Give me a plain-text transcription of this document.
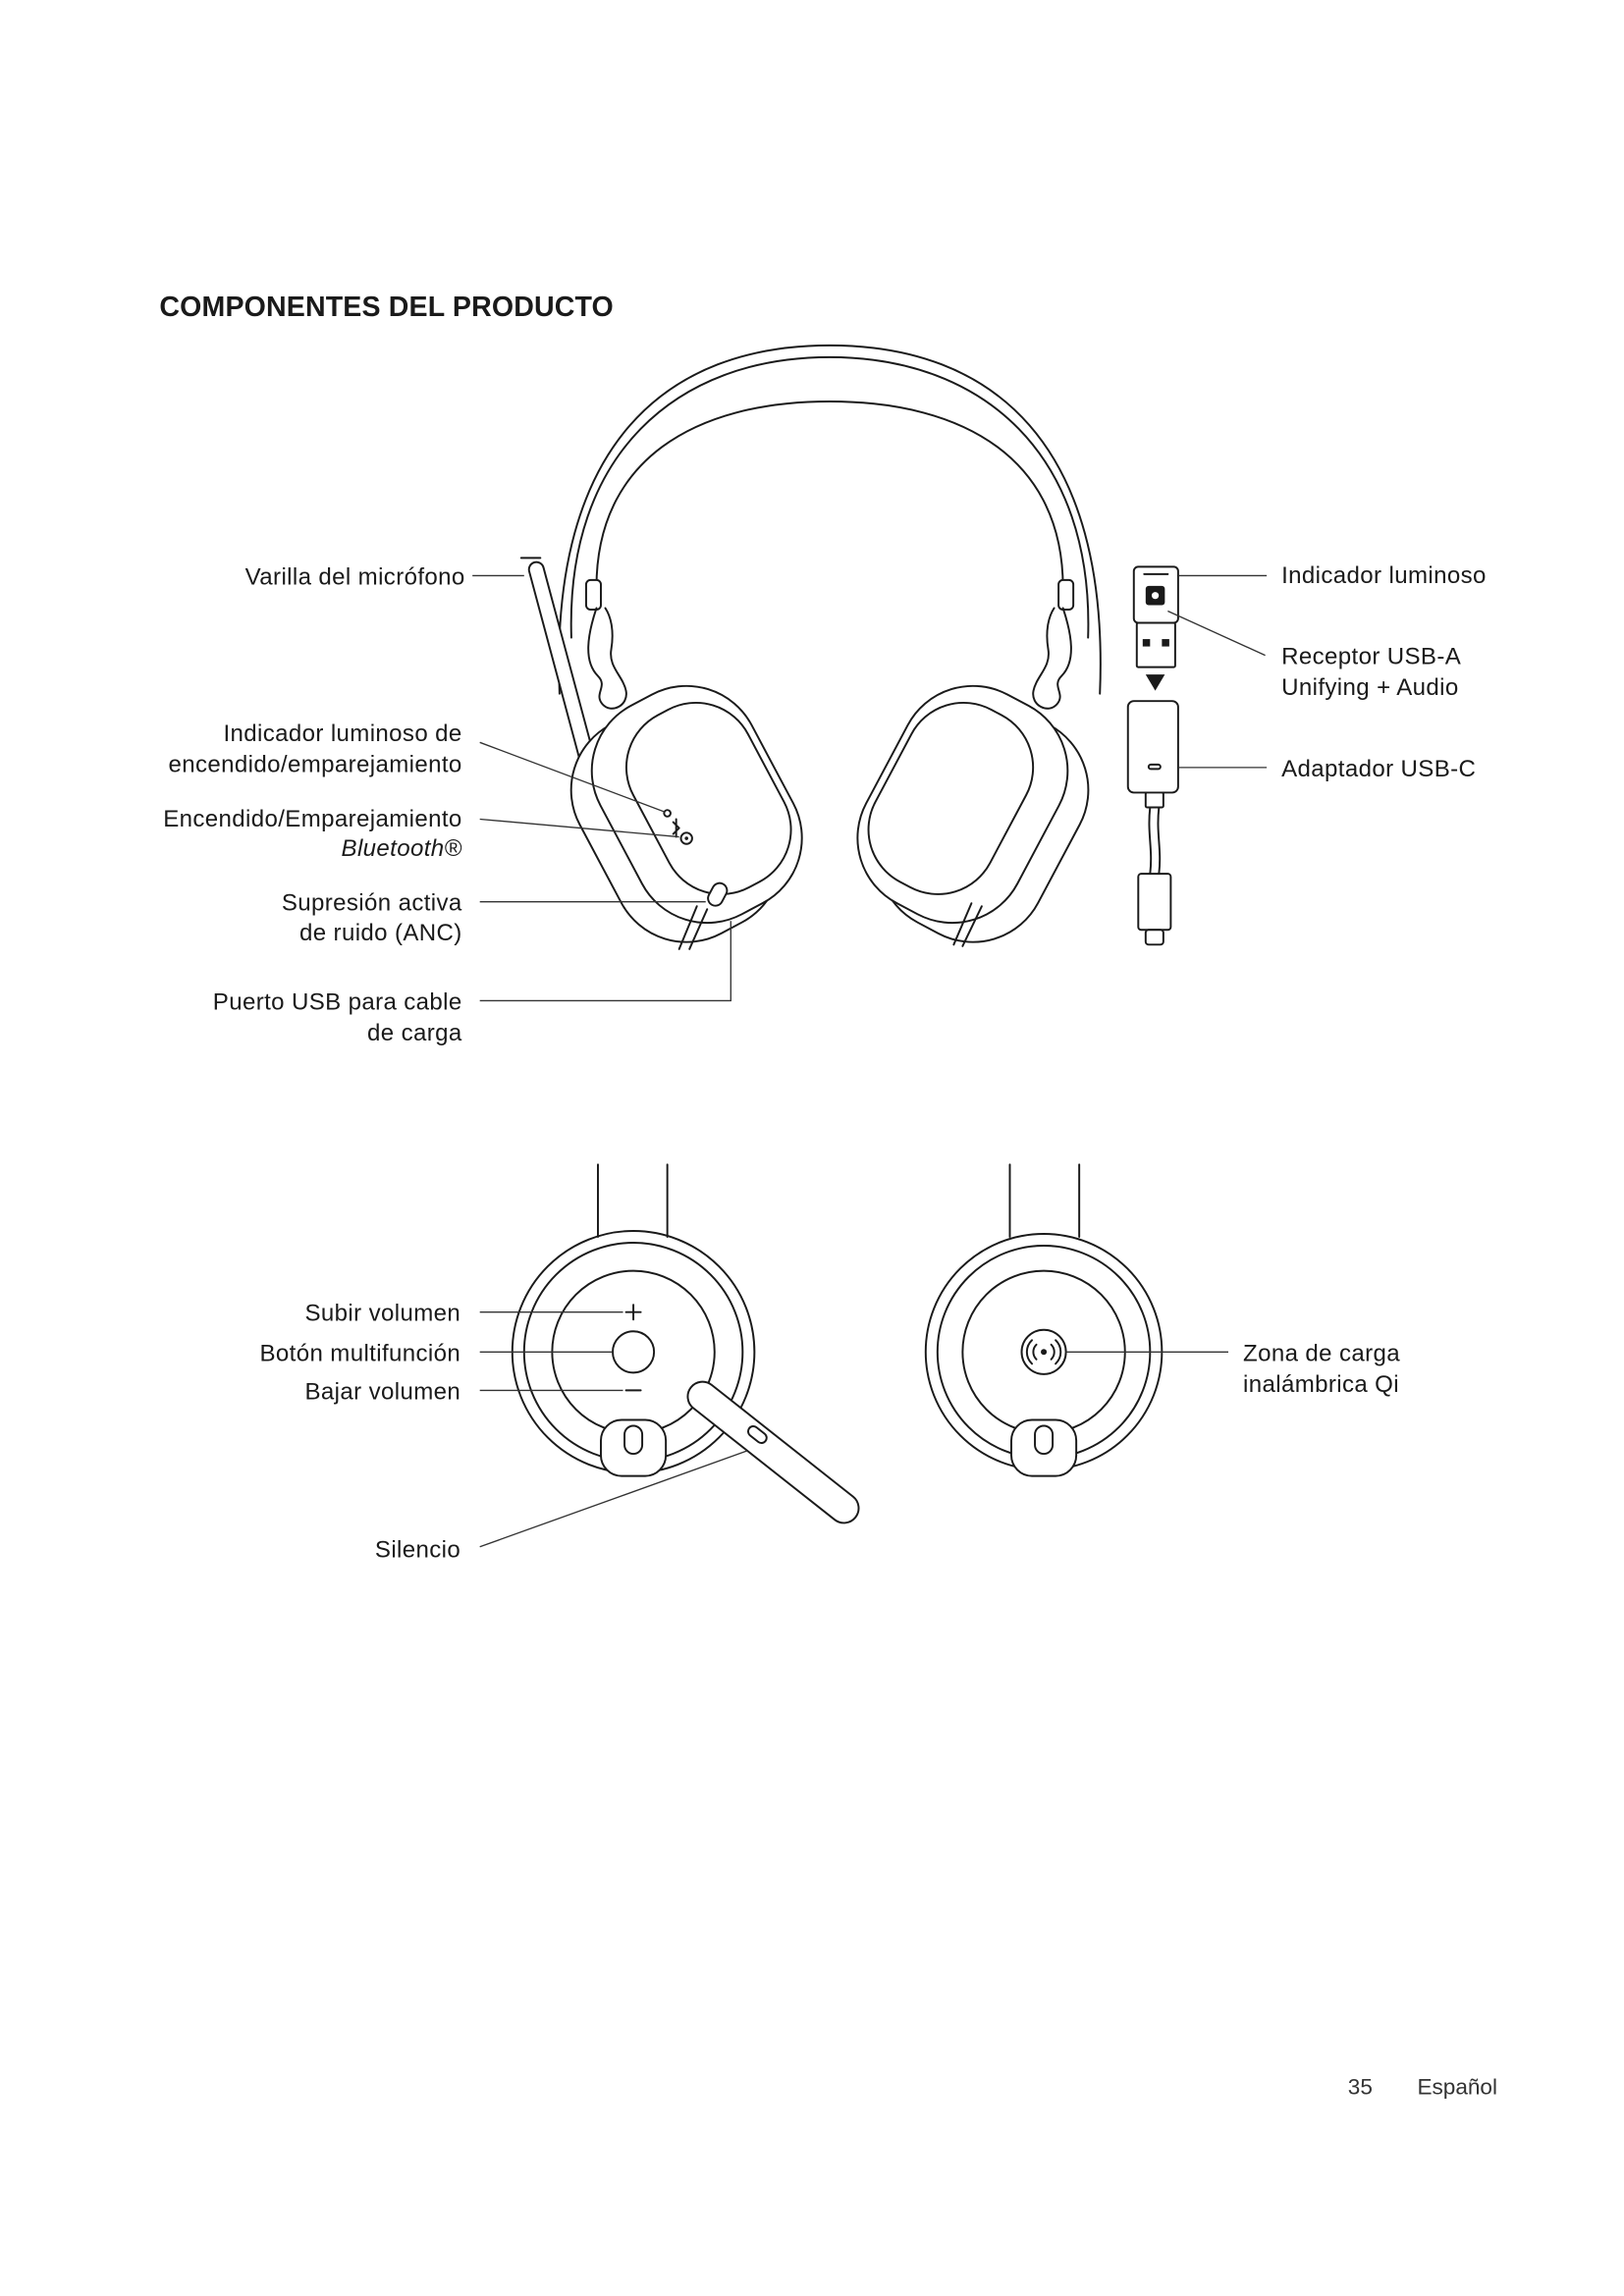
COMPONENTES DEL PRODUCTO
Varilla del micrófono
Indicador luminoso de
encendido/emparejamiento
Encendido/Emparejamiento
Bluetooth®
Supresión activa
de ruido (ANC)
Puerto USB para cable
de carga
Indicador luminoso
Receptor USB-A
Unifying + Audio
Adaptador USB-C
Subir volumen
Botón multifunción
Bajar volumen
Silencio
Zona de carga
inalámbrica Qi
35	Español
